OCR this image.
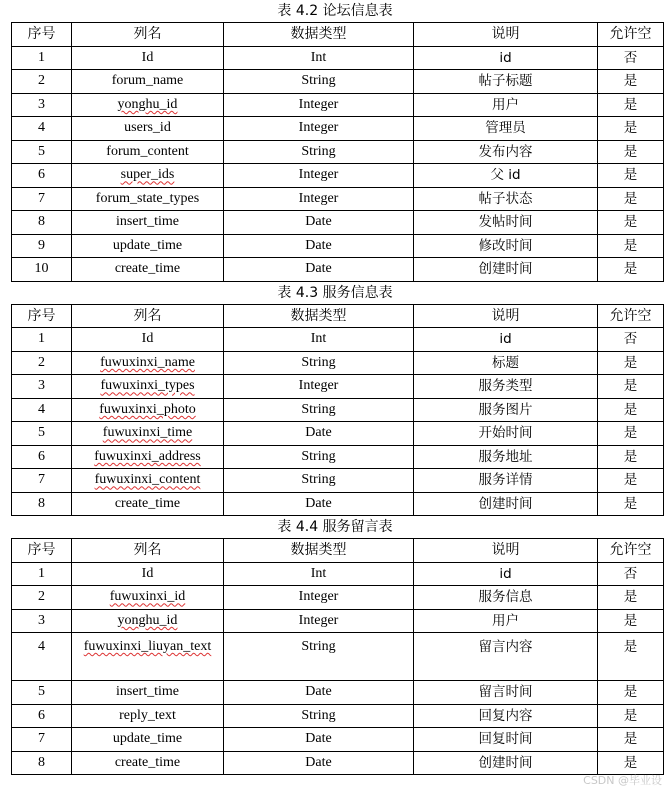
表 4.2 论坛信息表
序号	列名	数据类型	说明	允许空
1	Id	Int	id	否
2	forum_name	String	帖子标题	是
3	yonghu_id	Integer	用户	是
4	users_id	Integer	管理员	是
5	forum_content	String	发布内容	是
6	super_ids	Integer	父 id	是
7	forum_state_types	Integer	帖子状态	是
8	insert_time	Date	发帖时间	是
9	update_time	Date	修改时间	是
10	create_time	Date	创建时间	是
表 4.3 服务信息表
序号	列名	数据类型	说明	允许空
1	Id	Int	id	否
2	fuwuxinxi_name	String	标题	是
3	fuwuxinxi_types	Integer	服务类型	是
4	fuwuxinxi_photo	String	服务图片	是
5	fuwuxinxi_time	Date	开始时间	是
6	fuwuxinxi_address	String	服务地址	是
7	fuwuxinxi_content	String	服务详情	是
8	create_time	Date	创建时间	是
表 4.4 服务留言表
序号	列名	数据类型	说明	允许空
1	Id	Int	id	否
2	fuwuxinxi_id	Integer	服务信息	是
3	yonghu_id	Integer	用户	是
4	fuwuxinxi_liuyan_text	String	留言内容	是
5	insert_time	Date	留言时间	是
6	reply_text	String	回复内容	是
7	update_time	Date	回复时间	是
8	create_time	Date	创建时间	是
CSDN @毕业设
